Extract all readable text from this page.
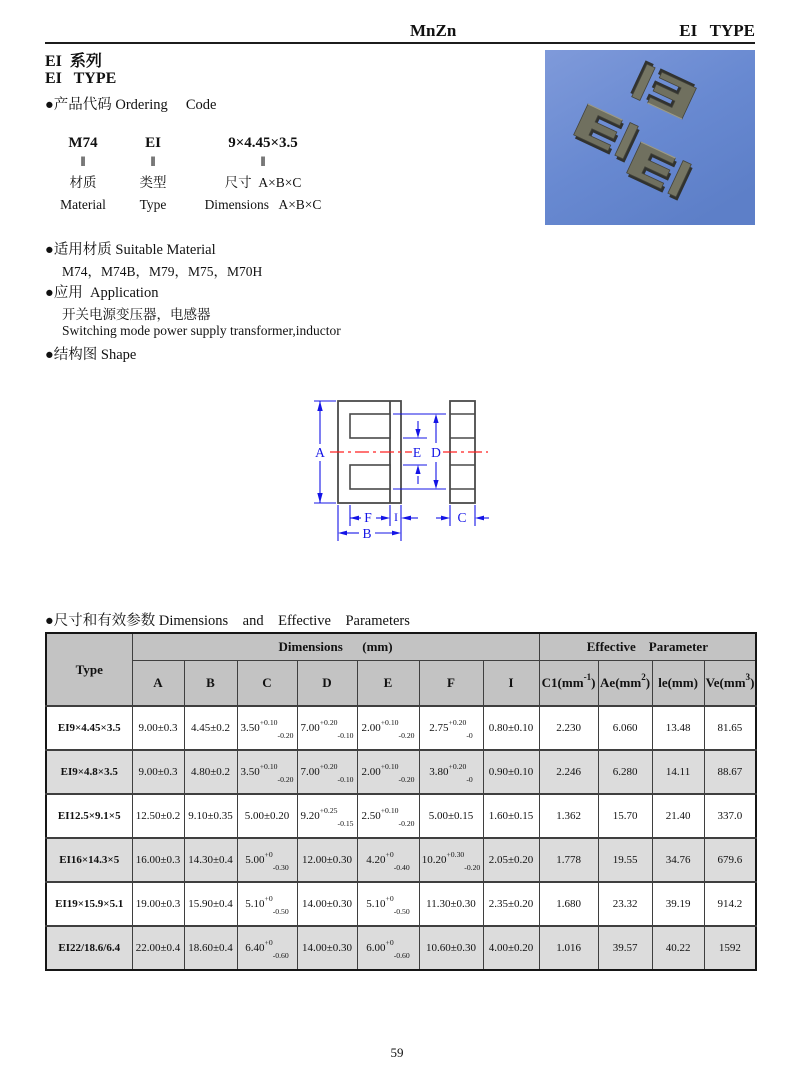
MnZn	EI   TYPE
EI  系列
EI   TYPE
●产品代码 Ordering     Code
M74
‖
材质
Material
EI
‖
类型
Type
9×4.45×3.5
‖
尺寸  A×B×C
Dimensions   A×B×C
●适用材质 Suitable Material
M74，M74B，M79，M75，M70H
●应用  Application
开关电源变压器，电感器
Switching mode power supply transformer,inductor
●结构图 Shape
A	E D
F I
B
C
●尺寸和有效参数 Dimensions    and    Effective    Parameters
Type	Dimensions      (mm)							Effective    Parameter			
	A	B	C	D	E	F	I	$C1(mm^{-1})$	$Ae(mm^2)$	le(mm)	$Ve(mm^3)$
EI9×4.45×3.5	9.00±0.3	4.45±0.2	$3.50^{+0.10}_{-0.20}$	$7.00^{+0.20}_{-0.10}$	$2.00^{+0.10}_{-0.20}$	$2.75^{+0.20}_{-0}$	0.80±0.10	2.230	6.060	13.48	81.65
EI9×4.8×3.5	9.00±0.3	4.80±0.2	$3.50^{+0.10}_{-0.20}$	$7.00^{+0.20}_{-0.10}$	$2.00^{+0.10}_{-0.20}$	$3.80^{+0.20}_{-0}$	0.90±0.10	2.246	6.280	14.11	88.67
EI12.5×9.1×5	12.50±0.2	9.10±0.35	5.00±0.20	$9.20^{+0.25}_{-0.15}$	$2.50^{+0.10}_{-0.20}$	5.00±0.15	1.60±0.15	1.362	15.70	21.40	337.0
EI16×14.3×5	16.00±0.3	14.30±0.4	$5.00^{+0}_{-0.30}$	12.00±0.30	$4.20^{+0}_{-0.40}$	$10.20^{+0.30}_{-0.20}$	2.05±0.20	1.778	19.55	34.76	679.6
EI19×15.9×5.1	19.00±0.3	15.90±0.4	$5.10^{+0}_{-0.50}$	14.00±0.30	$5.10^{+0}_{-0.50}$	11.30±0.30	2.35±0.20	1.680	23.32	39.19	914.2
EI22/18.6/6.4	22.00±0.4	18.60±0.4	$6.40^{+0}_{-0.60}$	14.00±0.30	$6.00^{+0}_{-0.60}$	10.60±0.30	4.00±0.20	1.016	39.57	40.22	1592
59
